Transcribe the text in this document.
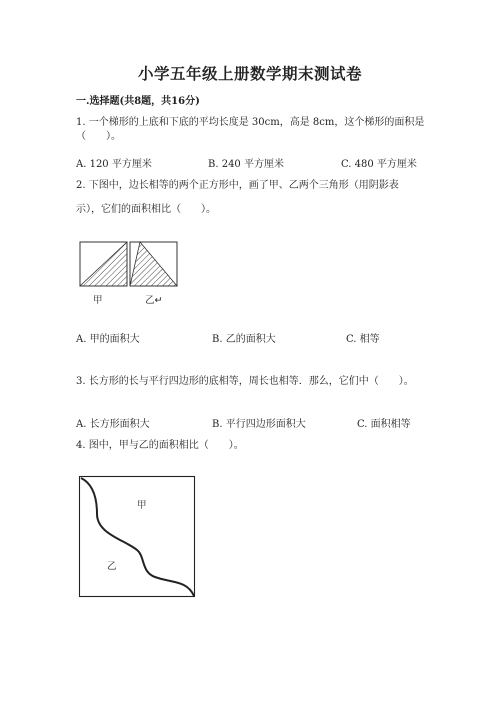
小学五年级上册数学期末测试卷
一.选择题(共8题，共16分)
1. 一个梯形的上底和下底的平均长度是 30cm，高是 8cm，这个梯形的面积是
（　　）。
A. 120 平方厘米	B. 240 平方厘米	C. 480 平方厘米
2. 下图中，边长相等的两个正方形中，画了甲、乙两个三角形（用阴影表
示），它们的面积相比（　　）。
甲	乙↵
A. 甲的面积大	B. 乙的面积大	C. 相等
3. 长方形的长与平行四边形的底相等，周长也相等．那么，它们中（　　）。
A. 长方形面积大	B. 平行四边形面积大	C. 面积相等
4. 图中，甲与乙的面积相比（　　）。
甲
乙
